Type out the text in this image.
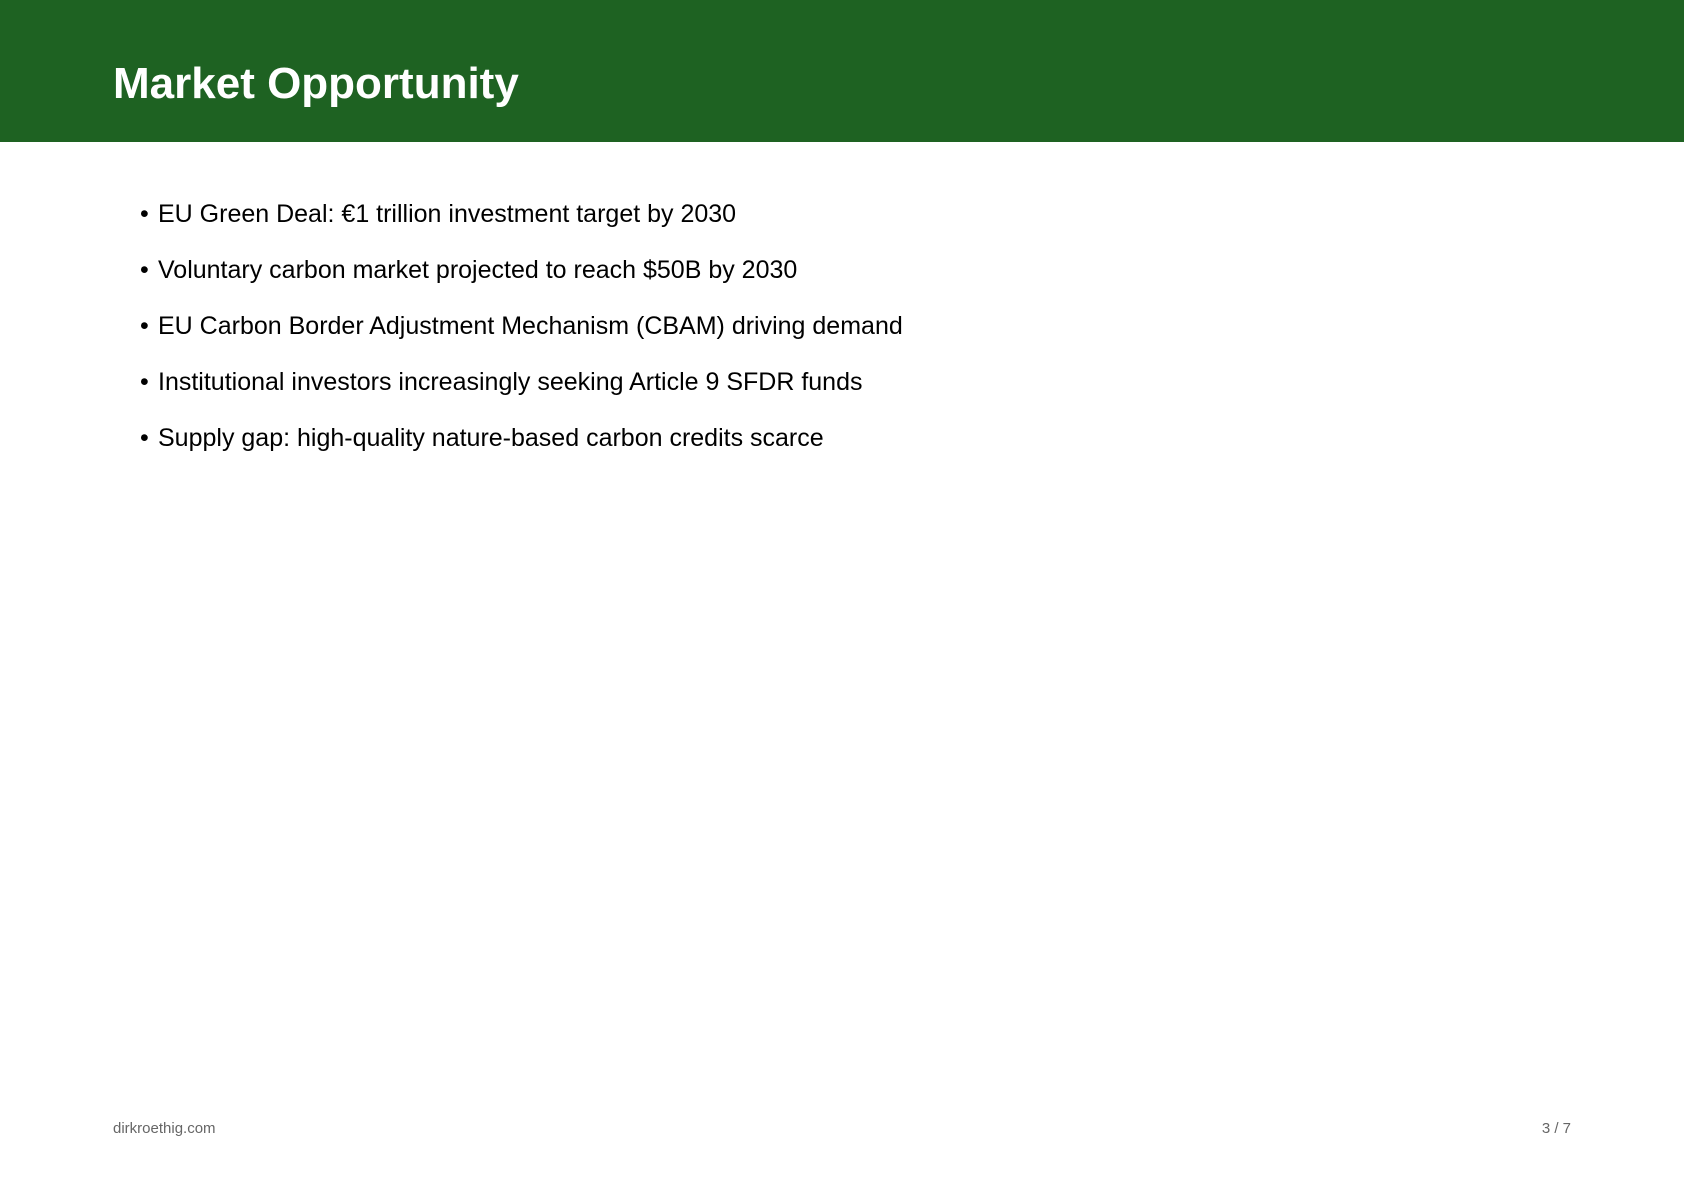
Market Opportunity
• EU Green Deal: €1 trillion investment target by 2030
• Voluntary carbon market projected to reach $50B by 2030
• EU Carbon Border Adjustment Mechanism (CBAM) driving demand
• Institutional investors increasingly seeking Article 9 SFDR funds
• Supply gap: high-quality nature-based carbon credits scarce
dirkroethig.com	3 / 7
